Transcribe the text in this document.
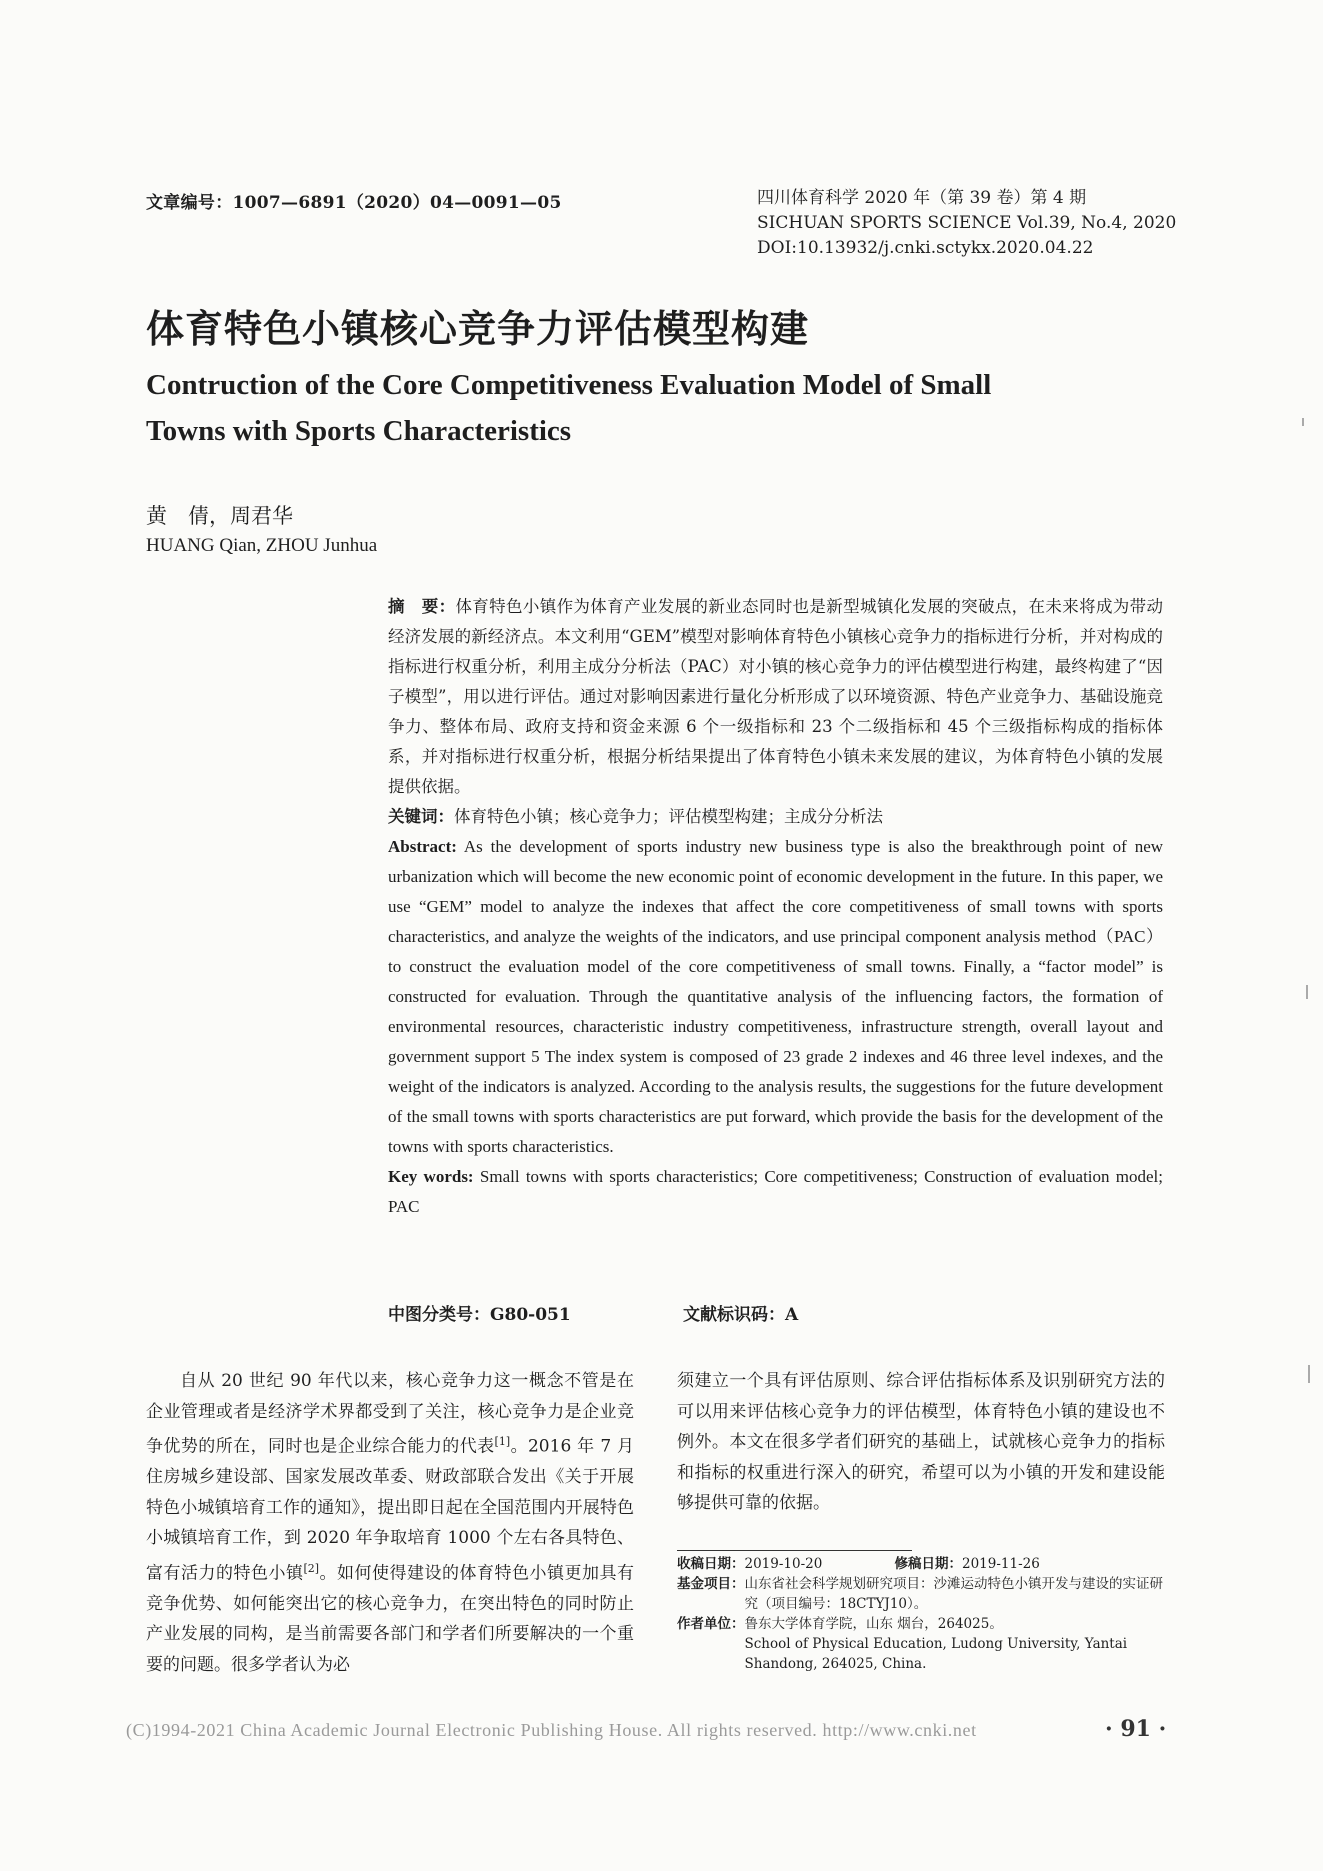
文章编号：1007—6891（2020）04—0091—05	四川体育科学 2020 年（第 39 卷）第 4 期
SICHUAN SPORTS SCIENCE Vol.39, No.4, 2020
DOI:10.13932/j.cnki.sctykx.2020.04.22
体育特色小镇核心竞争力评估模型构建
Contruction of the Core Competitiveness Evaluation Model of Small Towns with Sports Characteristics
黄　倩，周君华
HUANG Qian, ZHOU Junhua

摘　要：体育特色小镇作为体育产业发展的新业态同时也是新型城镇化发展的突破点，在未来将成为带动经济发展的新经济点。本文利用“GEM”模型对影响体育特色小镇核心竞争力的指标进行分析，并对构成的指标进行权重分析，利用主成分分析法（PAC）对小镇的核心竞争力的评估模型进行构建，最终构建了“因子模型”，用以进行评估。通过对影响因素进行量化分析形成了以环境资源、特色产业竞争力、基础设施竞争力、整体布局、政府支持和资金来源 6 个一级指标和 23 个二级指标和 45 个三级指标构成的指标体系，并对指标进行权重分析，根据分析结果提出了体育特色小镇未来发展的建议，为体育特色小镇的发展提供依据。

关键词：体育特色小镇；核心竞争力；评估模型构建；主成分分析法

Abstract: As the development of sports industry new business type is also the breakthrough point of new urbanization which will become the new economic point of economic development in the future. In this paper, we use “GEM” model to analyze the indexes that affect the core competitiveness of small towns with sports characteristics, and analyze the weights of the indicators, and use principal component analysis method（PAC）to construct the evaluation model of the core competitiveness of small towns. Finally, a “factor model” is constructed for evaluation. Through the quantitative analysis of the influencing factors, the formation of environmental resources, characteristic industry competitiveness, infrastructure strength, overall layout and government support 5 The index system is composed of 23 grade 2 indexes and 46 three level indexes, and the weight of the indicators is analyzed. According to the analysis results, the suggestions for the future development of the small towns with sports characteristics are put forward, which provide the basis for the development of the towns with sports characteristics.

Key words: Small towns with sports characteristics; Core competitiveness; Construction of evaluation model; PAC

中图分类号：G80-051	文献标识码：A

自从 20 世纪 90 年代以来，核心竞争力这一概念不管是在企业管理或者是经济学术界都受到了关注，核心竞争力是企业竞争优势的所在，同时也是企业综合能力的代表[1]。2016 年 7 月住房城乡建设部、国家发展改革委、财政部联合发出《关于开展特色小城镇培育工作的通知》，提出即日起在全国范围内开展特色小城镇培育工作，到 2020 年争取培育 1000 个左右各具特色、富有活力的特色小镇[2]。如何使得建设的体育特色小镇更加具有竞争优势、如何能突出它的核心竞争力，在突出特色的同时防止产业发展的同构，是当前需要各部门和学者们所要解决的一个重要的问题。很多学者认为必

须建立一个具有评估原则、综合评估指标体系及识别研究方法的可以用来评估核心竞争力的评估模型，体育特色小镇的建设也不例外。本文在很多学者们研究的基础上，试就核心竞争力的指标和指标的权重进行深入的研究，希望可以为小镇的开发和建设能够提供可靠的依据。

收稿日期： 2019-10-20	修稿日期： 2019-11-26
基金项目： 山东省社会科学规划研究项目：沙滩运动特色小镇开发与建设的实证研究（项目编号：18CTYJ10）。
作者单位： 鲁东大学体育学院，山东 烟台，264025。
School of Physical Education, Ludong University, Yantai Shandong, 264025, China.
(C)1994-2021 China Academic Journal Electronic Publishing House. All rights reserved. http://www.cnki.net	· 91 ·
